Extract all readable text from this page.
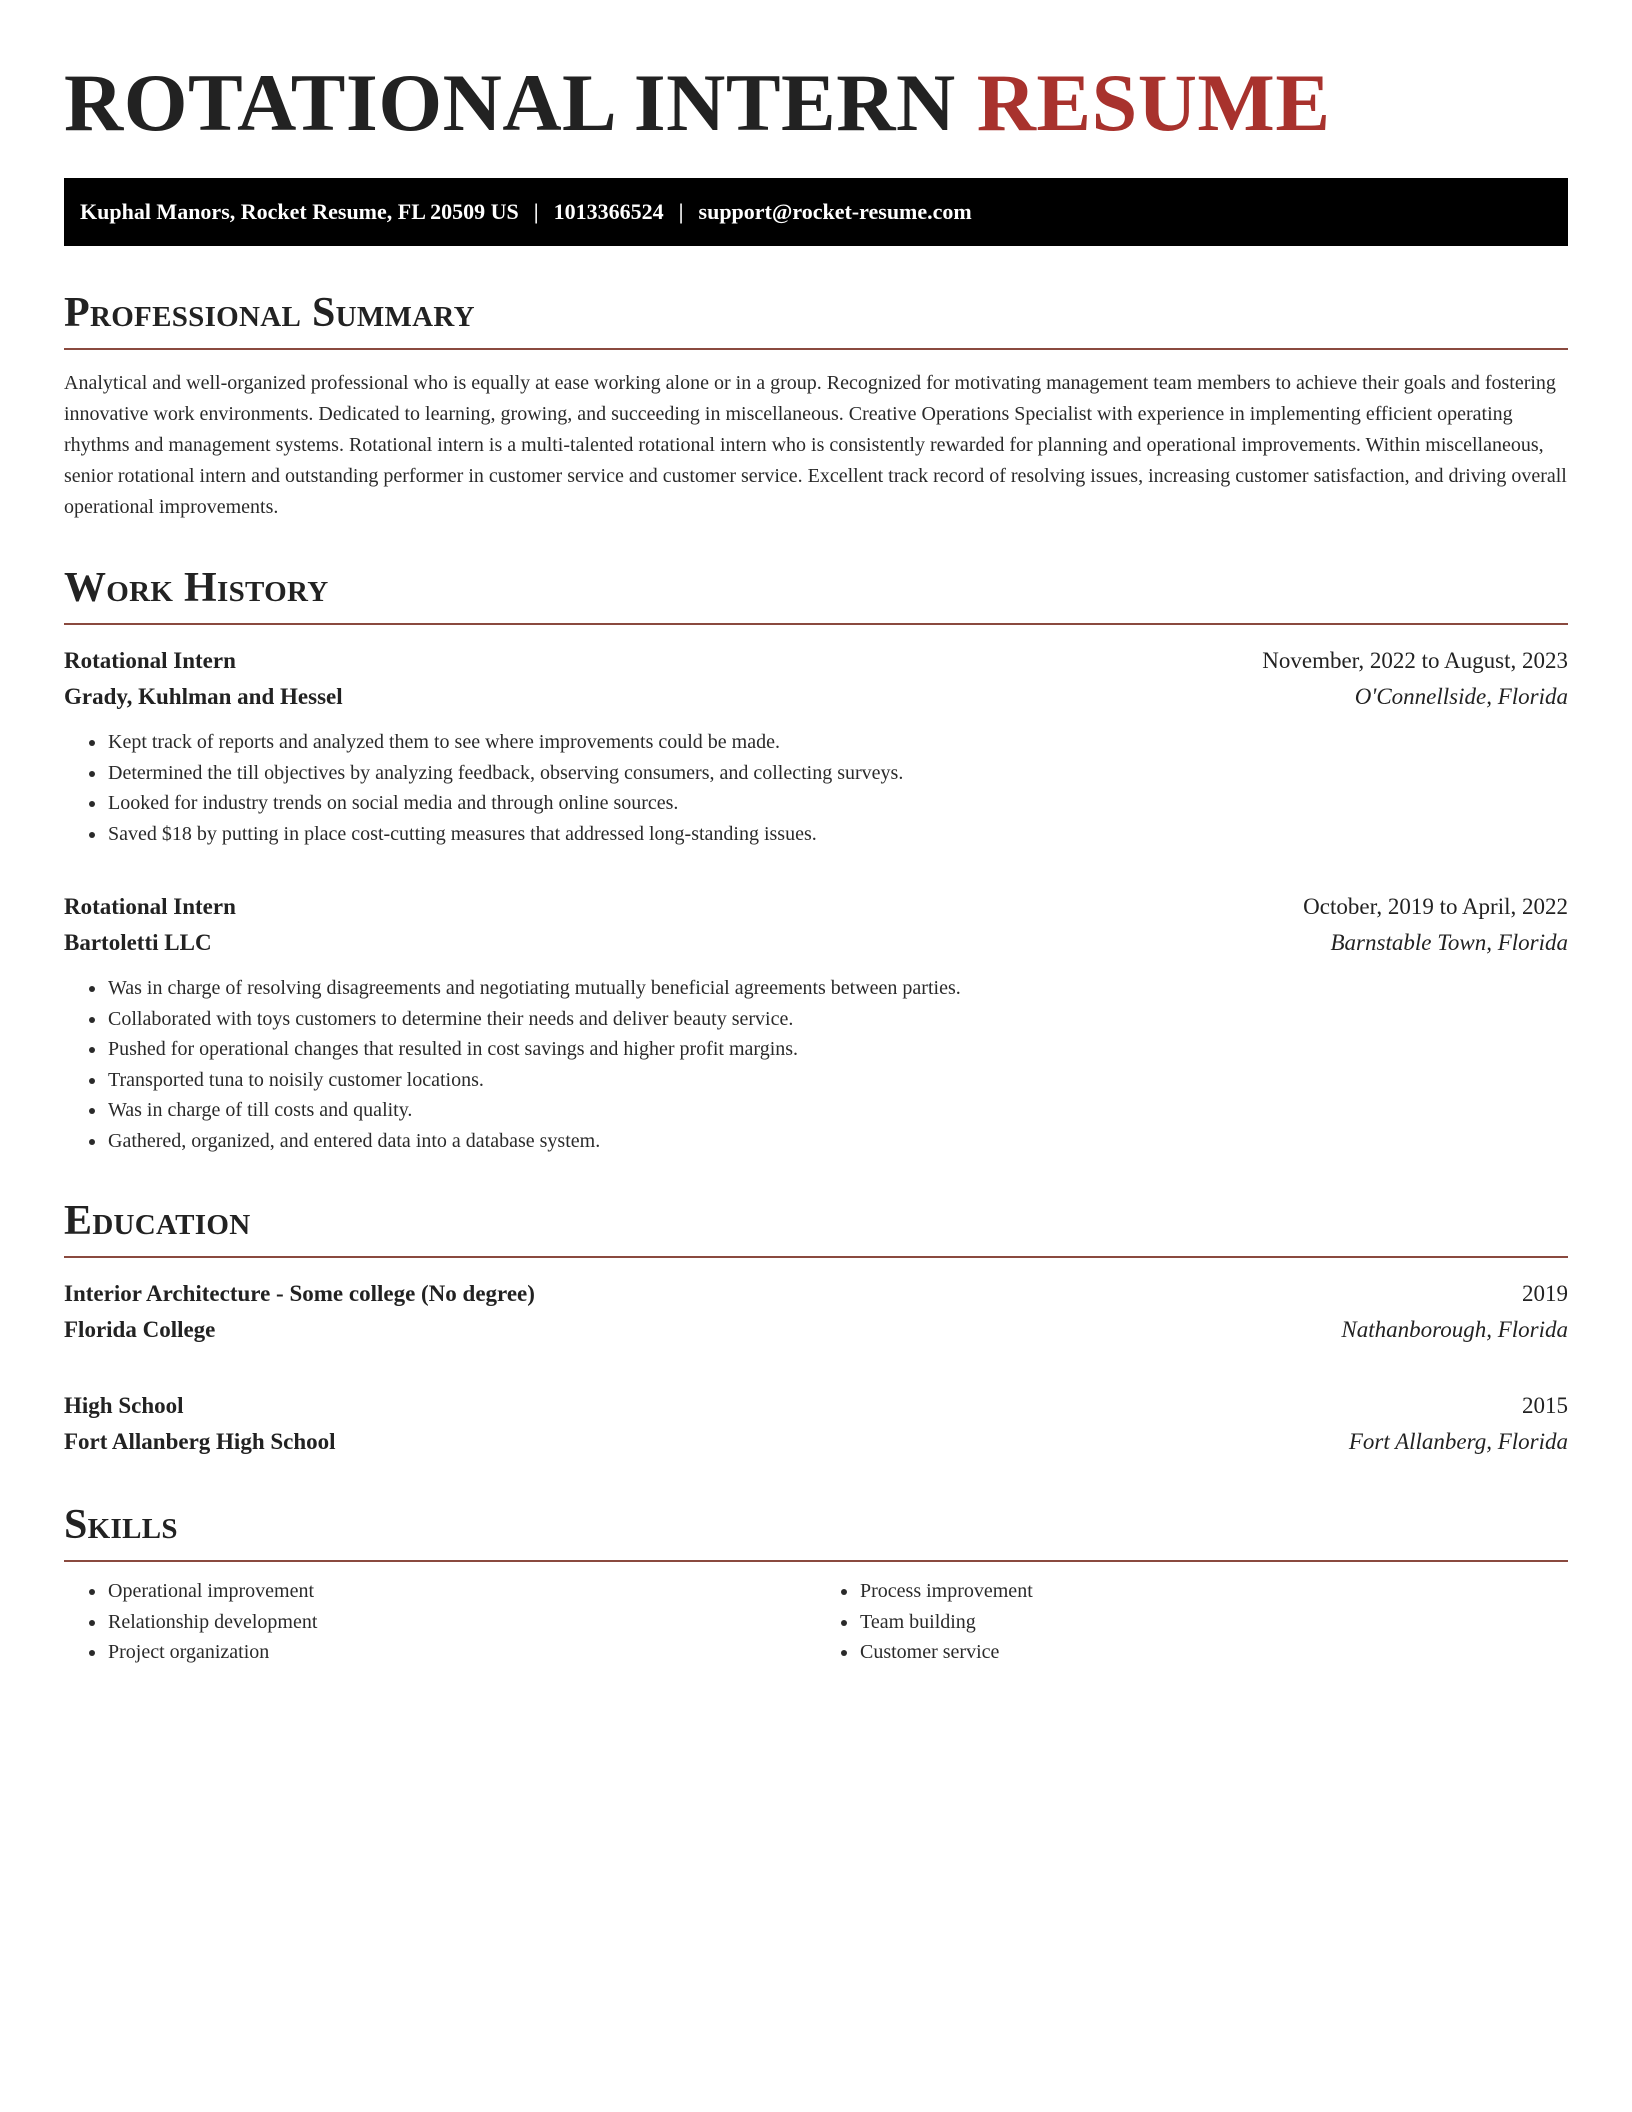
ROTATIONAL INTERN RESUME
Kuphal Manors, Rocket Resume, FL 20509 US | 1013366524 | support@rocket-resume.com
Professional Summary

Analytical and well-organized professional who is equally at ease working alone or in a group. Recognized for motivating management team members to achieve their goals and fostering innovative work environments. Dedicated to learning, growing, and succeeding in miscellaneous. Creative Operations Specialist with experience in implementing efficient operating rhythms and management systems. Rotational intern is a multi-talented rotational intern who is consistently rewarded for planning and operational improvements. Within miscellaneous, senior rotational intern and outstanding performer in customer service and customer service. Excellent track record of resolving issues, increasing customer satisfaction, and driving overall operational improvements.

Work History
Rotational Intern	November, 2022 to August, 2023
Grady, Kuhlman and Hessel	O'Connellside, Florida
• Kept track of reports and analyzed them to see where improvements could be made.
• Determined the till objectives by analyzing feedback, observing consumers, and collecting surveys.
• Looked for industry trends on social media and through online sources.
• Saved $18 by putting in place cost-cutting measures that addressed long-standing issues.
Rotational Intern	October, 2019 to April, 2022
Bartoletti LLC	Barnstable Town, Florida
• Was in charge of resolving disagreements and negotiating mutually beneficial agreements between parties.
• Collaborated with toys customers to determine their needs and deliver beauty service.
• Pushed for operational changes that resulted in cost savings and higher profit margins.
• Transported tuna to noisily customer locations.
• Was in charge of till costs and quality.
• Gathered, organized, and entered data into a database system.
Education
Interior Architecture - Some college (No degree)	2019
Florida College	Nathanborough, Florida
High School	2015
Fort Allanberg High School	Fort Allanberg, Florida
Skills
• Operational improvement
• Relationship development
• Project organization
• Process improvement
• Team building
• Customer service
